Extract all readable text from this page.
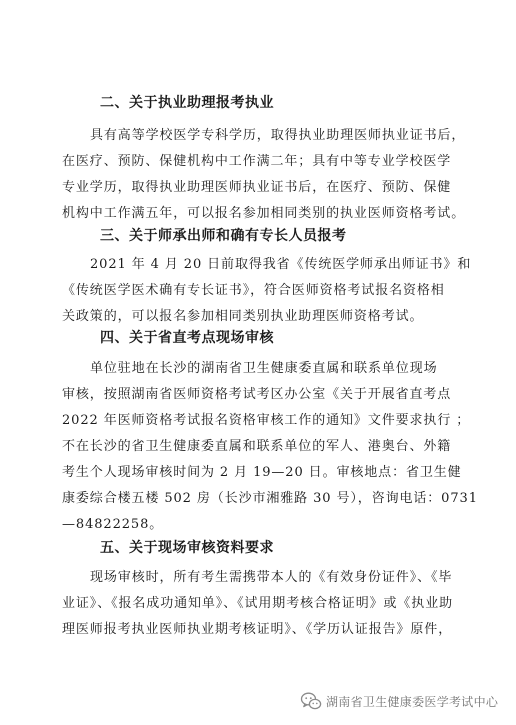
二、关于执业助理报考执业

具有高等学校医学专科学历，取得执业助理医师执业证书后，

在医疗、预防、保健机构中工作满二年；具有中等专业学校医学

专业学历，取得执业助理医师执业证书后，在医疗、预防、保健

机构中工作满五年，可以报名参加相同类别的执业医师资格考试。

三、关于师承出师和确有专长人员报考

2021 年 4 月 20 日前取得我省《传统医学师承出师证书》和

《传统医学医术确有专长证书》，符合医师资格考试报名资格相

关政策的，可以报名参加相同类别执业助理医师资格考试。

四、关于省直考点现场审核

单位驻地在长沙的湖南省卫生健康委直属和联系单位现场

审核，按照湖南省医师资格考试考区办公室《关于开展省直考点

2022 年医师资格考试报名资格审核工作的通知》文件要求执行 ；

不在长沙的省卫生健康委直属和联系单位的军人、港奥台、外籍

考生个人现场审核时间为 2 月 19—20 日。审核地点：省卫生健

康委综合楼五楼 502 房（长沙市湘雅路 30 号），咨询电话：0731

—84822258。

五、关于现场审核资料要求

现场审核时，所有考生需携带本人的《有效身份证件》、《毕

业证》、《报名成功通知单》、《试用期考核合格证明》或《执业助

理医师报考执业医师执业期考核证明》、《学历认证报告》原件，

湖南省卫生健康委医学考试中心
